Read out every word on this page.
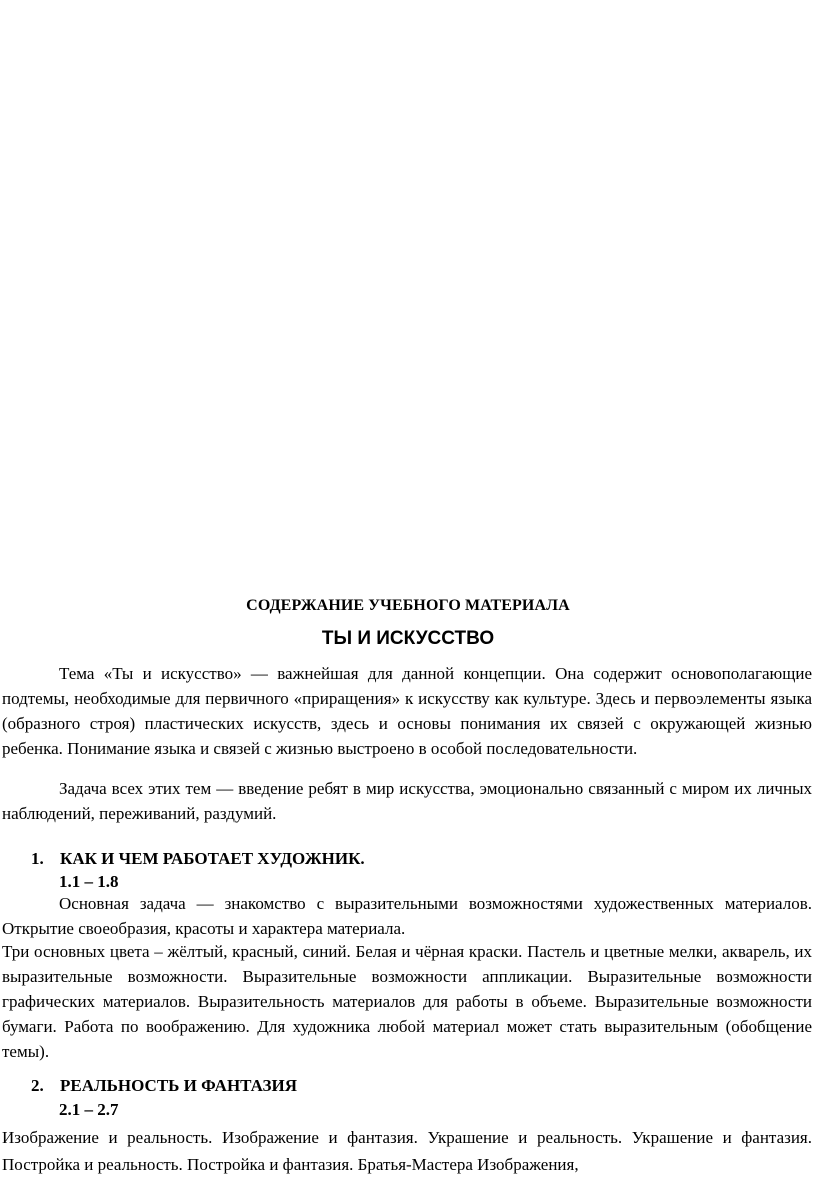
СОДЕРЖАНИЕ УЧЕБНОГО МАТЕРИАЛА
ТЫ И ИСКУССТВО

Тема «Ты и искусство» — важнейшая для данной концепции. Она содержит основополагающие подтемы, необходимые для первичного «приращения» к искусству как культуре. Здесь и первоэлементы языка (образного строя) пластических искусств, здесь и основы понимания их связей с окружающей жизнью ребенка. Понимание языка и связей с жизнью выстроено в особой последовательности.

Задача всех этих тем — введение ребят в мир искусства, эмоционально связанный с миром их личных наблюдений, переживаний, раздумий.

1. КАК И ЧЕМ РАБОТАЕТ ХУДОЖНИК.
1.1 – 1.8

Основная задача — знакомство с выразительными возможностями художественных материалов. Открытие своеобразия, красоты и характера материала.

Три основных цвета – жёлтый, красный, синий. Белая и чёрная краски. Пастель и цветные мелки, акварель, их выразительные возможности. Выразительные возможности аппликации. Выразительные возможности графических материалов. Выразительность материалов для работы в объеме. Выразительные возможности бумаги. Работа по воображению. Для художника любой материал может стать выразительным (обобщение темы).

2. РЕАЛЬНОСТЬ И ФАНТАЗИЯ
2.1 – 2.7

Изображение и реальность. Изображение и фантазия. Украшение и реальность. Украшение и фантазия. Постройка и реальность. Постройка и фантазия. Братья-Мастера Изображения,
